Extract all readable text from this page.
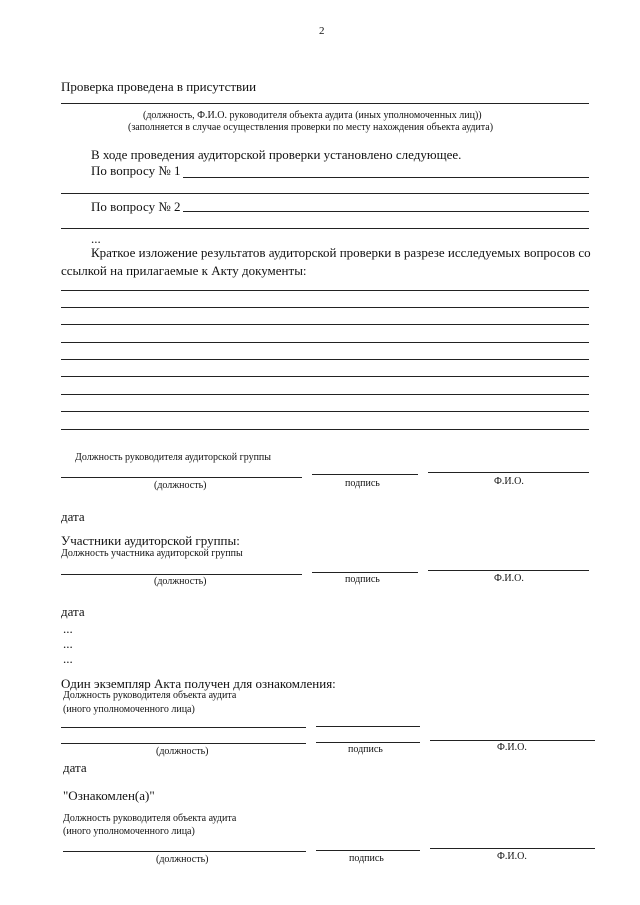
2
Проверка проведена в присутствии
(должность, Ф.И.О. руководителя объекта аудита (иных уполномоченных лиц))
(заполняется в случае осуществления проверки по месту нахождения объекта аудита)
В ходе проведения аудиторской проверки установлено следующее.
По вопросу № 1
По вопросу № 2
...
Краткое изложение результатов аудиторской проверки в разрезе исследуемых вопросов со
ссылкой на прилагаемые к Акту документы:
Должность руководителя аудиторской группы
(должность)	подпись	Ф.И.О.
дата
Участники аудиторской группы:
Должность участника аудиторской группы
(должность)	подпись	Ф.И.О.
дата
...
...
...
Один экземпляр Акта получен для ознакомления:
Должность руководителя объекта аудита
(иного уполномоченного лица)
(должность)	подпись	Ф.И.О.
дата
"Ознакомлен(а)"
Должность руководителя объекта аудита
(иного уполномоченного лица)
(должность)	подпись	Ф.И.О.
